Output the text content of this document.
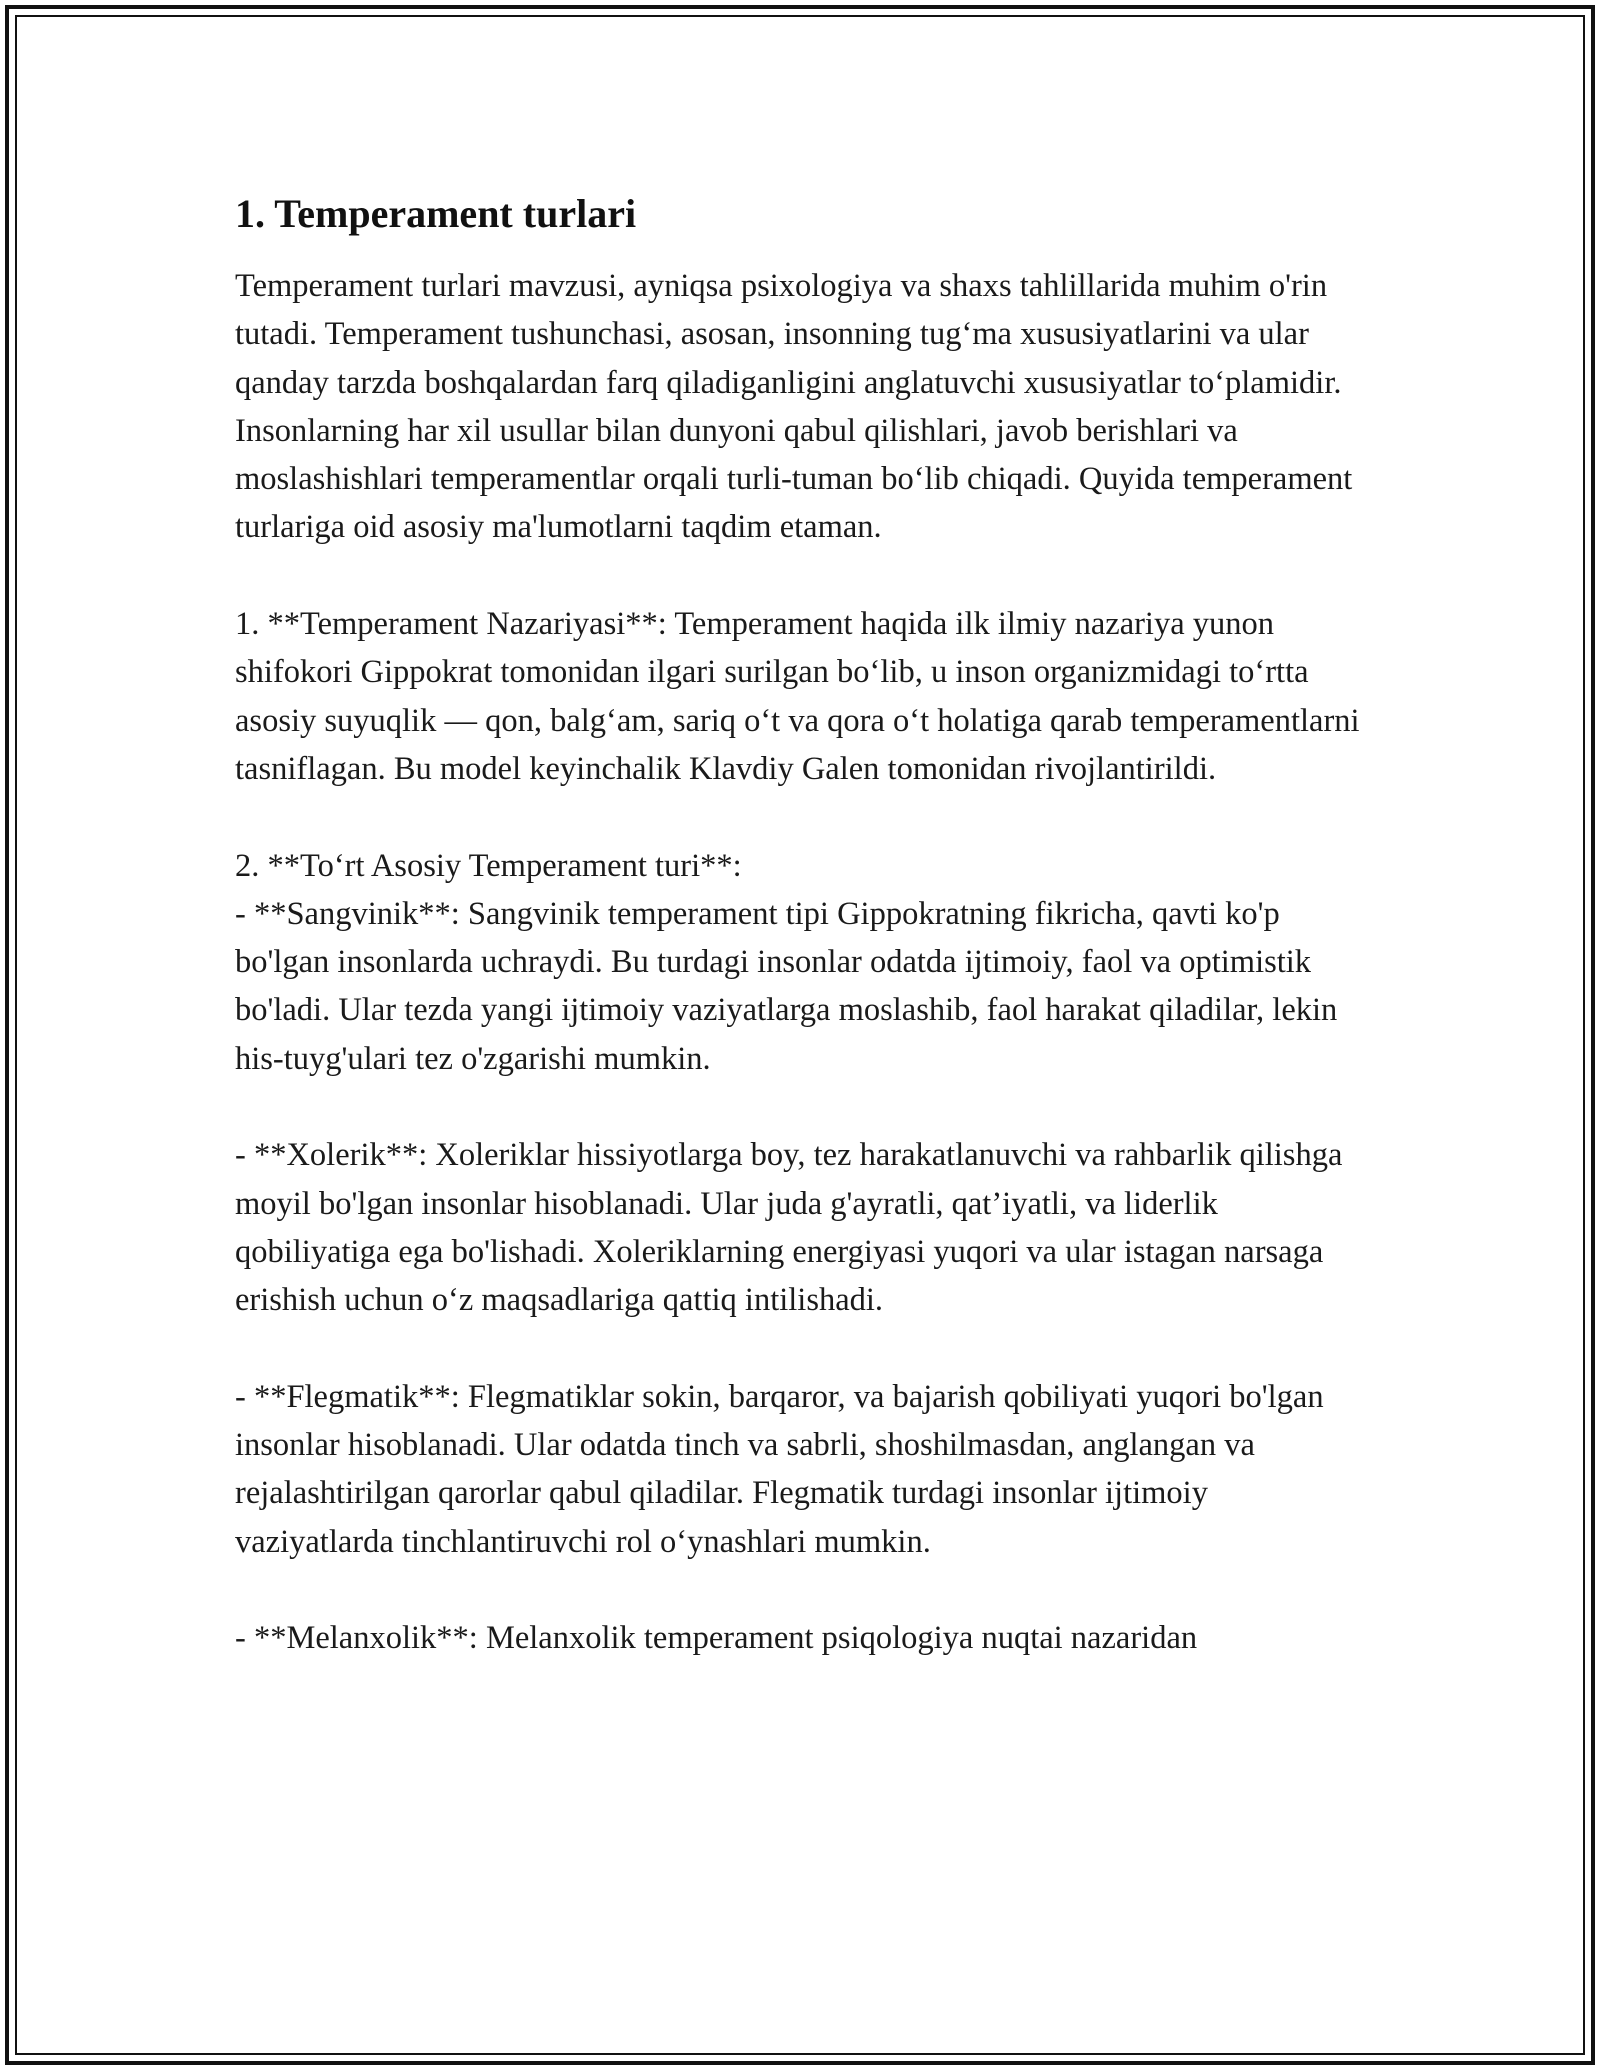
1. Temperament turlari

Temperament turlari mavzusi, ayniqsa psixologiya va shaxs tahlillarida muhim o'rin tutadi. Temperament tushunchasi, asosan, insonning tug‘ma xususiyatlarini va ular qanday tarzda boshqalardan farq qiladiganligini anglatuvchi xususiyatlar to‘plamidir. Insonlarning har xil usullar bilan dunyoni qabul qilishlari, javob berishlari va moslashishlari temperamentlar orqali turli-tuman bo‘lib chiqadi. Quyida temperament turlariga oid asosiy ma'lumotlarni taqdim etaman.

1. **Temperament Nazariyasi**: Temperament haqida ilk ilmiy nazariya yunon shifokori Gippokrat tomonidan ilgari surilgan bo‘lib, u inson organizmidagi to‘rtta asosiy suyuqlik — qon, balg‘am, sariq o‘t va qora o‘t holatiga qarab temperamentlarni tasniflagan. Bu model keyinchalik Klavdiy Galen tomonidan rivojlantirildi.

2. **To‘rt Asosiy Temperament turi**:
- **Sangvinik**: Sangvinik temperament tipi Gippokratning fikricha, qavti ko'p bo'lgan insonlarda uchraydi. Bu turdagi insonlar odatda ijtimoiy, faol va optimistik bo'ladi. Ular tezda yangi ijtimoiy vaziyatlarga moslashib, faol harakat qiladilar, lekin his-tuyg'ulari tez o'zgarishi mumkin.

- **Xolerik**: Xoleriklar hissiyotlarga boy, tez harakatlanuvchi va rahbarlik qilishga moyil bo'lgan insonlar hisoblanadi. Ular juda g'ayratli, qat’iyatli, va liderlik qobiliyatiga ega bo'lishadi. Xoleriklarning energiyasi yuqori va ular istagan narsaga erishish uchun o‘z maqsadlariga qattiq intilishadi.

- **Flegmatik**: Flegmatiklar sokin, barqaror, va bajarish qobiliyati yuqori bo'lgan insonlar hisoblanadi. Ular odatda tinch va sabrli, shoshilmasdan, anglangan va rejalashtirilgan qarorlar qabul qiladilar. Flegmatik turdagi insonlar ijtimoiy vaziyatlarda tinchlantiruvchi rol o‘ynashlari mumkin.

- **Melanxolik**: Melanxolik temperament psiqologiya nuqtai nazaridan
